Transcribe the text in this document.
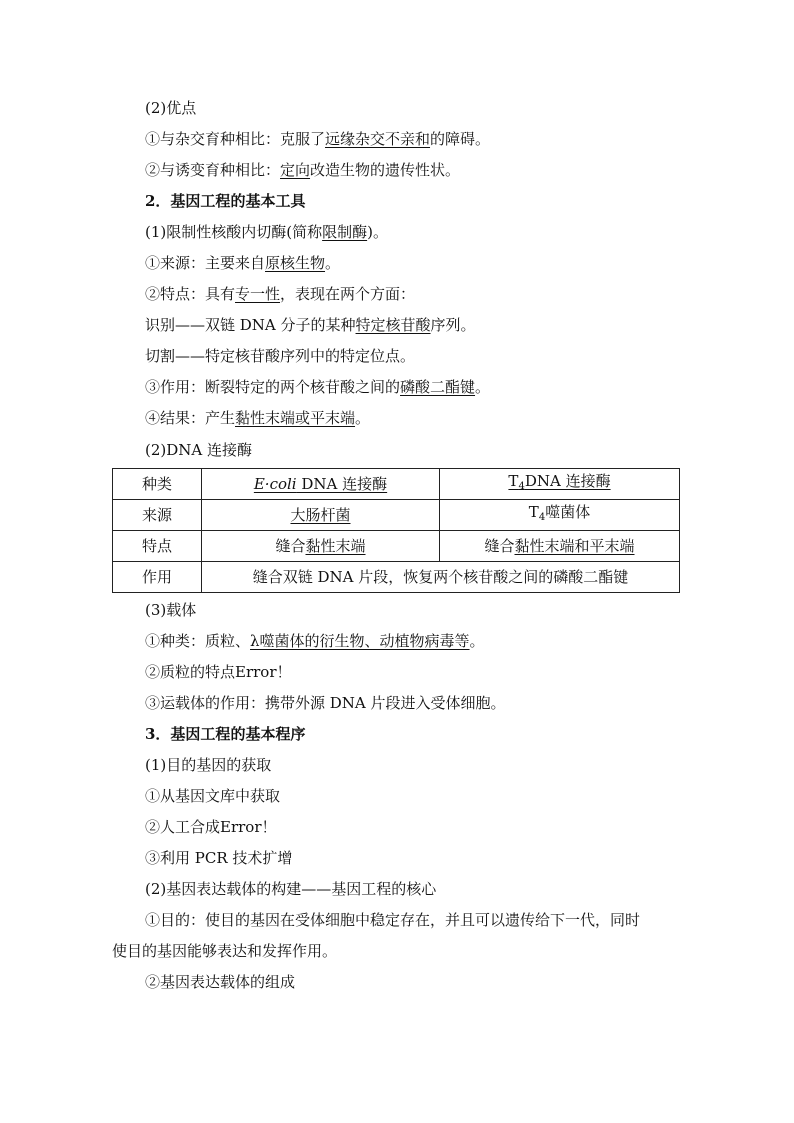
(2)优点
①与杂交育种相比：克服了远缘杂交不亲和的障碍。
②与诱变育种相比：定向改造生物的遗传性状。
2．基因工程的基本工具
(1)限制性核酸内切酶(简称限制酶)。
①来源：主要来自原核生物。
②特点：具有专一性，表现在两个方面：
识别——双链 DNA 分子的某种特定核苷酸序列。
切割——特定核苷酸序列中的特定位点。
③作用：断裂特定的两个核苷酸之间的磷酸二酯键。
④结果：产生黏性末端或平末端。
(2)DNA 连接酶
种类	E·coli DNA 连接酶	$T_4DNA$ 连接酶
来源	大肠杆菌	$T_4$噬菌体
特点	缝合黏性末端	缝合黏性末端和平末端
作用	缝合双链 DNA 片段，恢复两个核苷酸之间的磷酸二酯键	
(3)载体
①种类：质粒、λ噬菌体的衍生物、动植物病毒等。
②质粒的特点Error！
③运载体的作用：携带外源 DNA 片段进入受体细胞。
3．基因工程的基本程序
(1)目的基因的获取
①从基因文库中获取
②人工合成Error！
③利用 PCR 技术扩增
(2)基因表达载体的构建——基因工程的核心
①目的：使目的基因在受体细胞中稳定存在，并且可以遗传给下一代，同时
使目的基因能够表达和发挥作用。
②基因表达载体的组成
